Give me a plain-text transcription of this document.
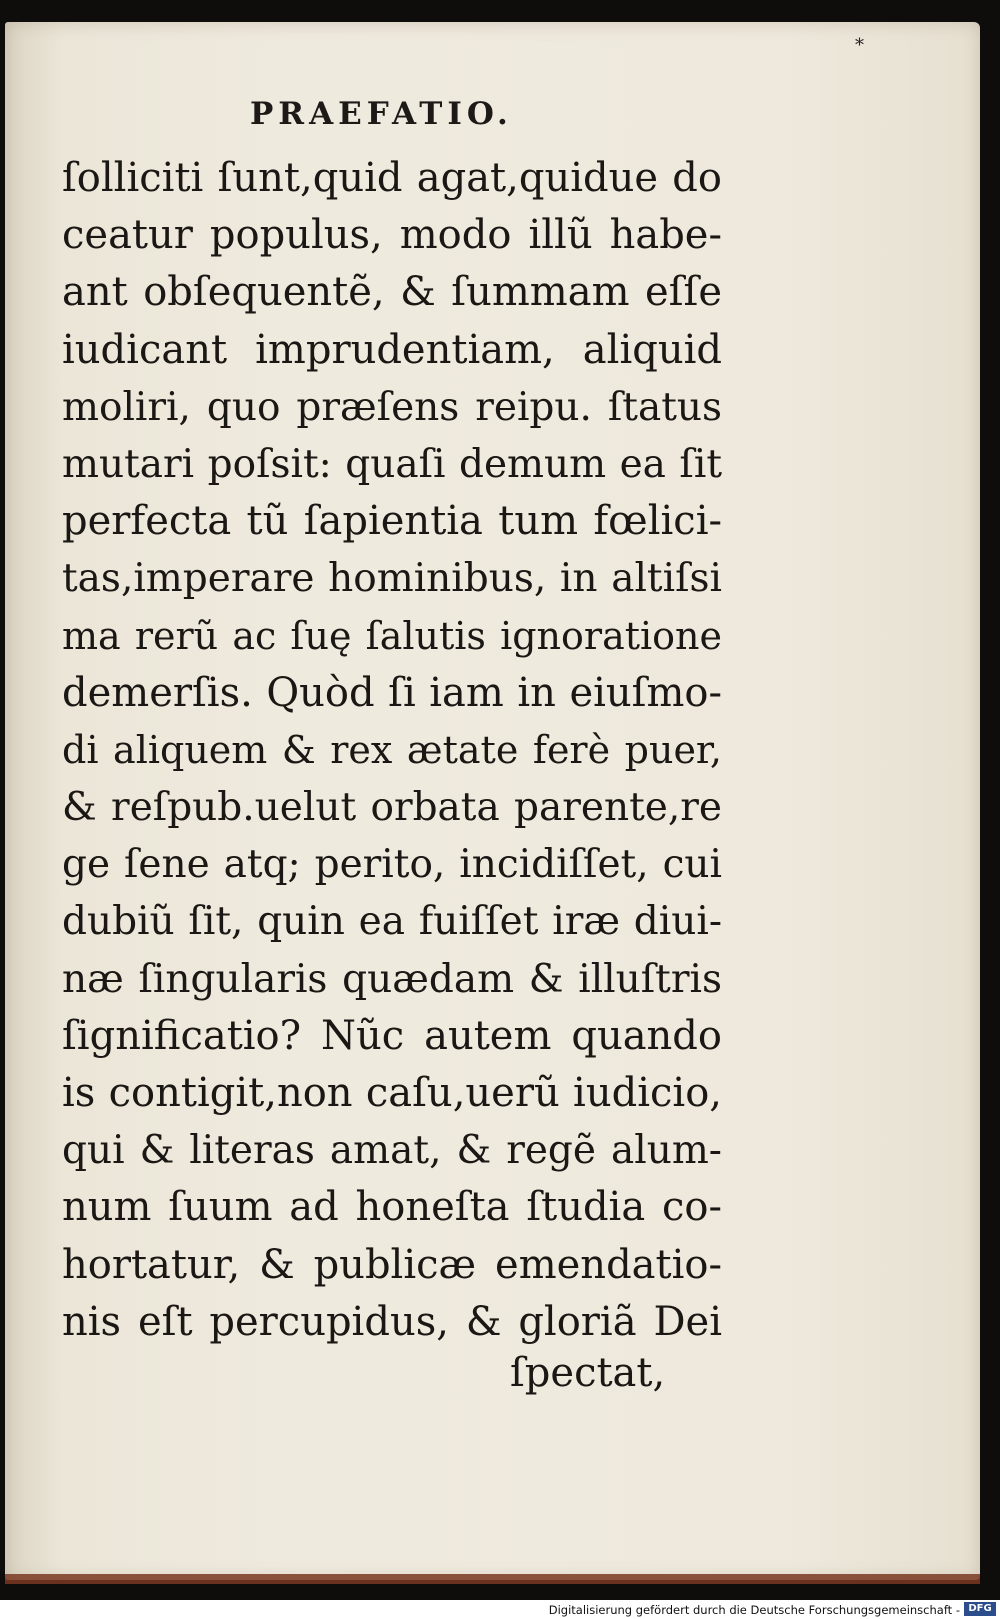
*
PRAEFATIO.
ſolliciti ſunt,quid agat,quidue do
ceatur populus, modo illũ habe-
ant obſequentẽ, & ſummam eſſe
iudicant imprudentiam, aliquid
moliri, quo præſens reipu. ſtatus
mutari poſsit: quaſi demum ea ſit
perfecta tũ ſapientia tum fœlici-
tas,imperare hominibus, in altiſsi
ma rerũ ac ſuę ſalutis ignoratione
demerſis. Quòd ſi iam in eiuſmo-
di aliquem & rex ætate ferè puer,
& reſpub.uelut orbata parente,re
ge ſene atq; perito, incidiſſet, cui
dubiũ ſit, quin ea fuiſſet iræ diui-
næ ſingularis quædam & illuſtris
ſignificatio? Nũc autem quando
is contigit,non caſu,uerũ iudicio,
qui & literas amat, & regẽ alum-
num ſuum ad honeſta ſtudia co-
hortatur, & publicæ emendatio-
nis eſt percupidus, & gloriã Dei
ſpectat,
Digitalisierung gefördert durch die Deutsche Forschungsgemeinschaft - DFG
